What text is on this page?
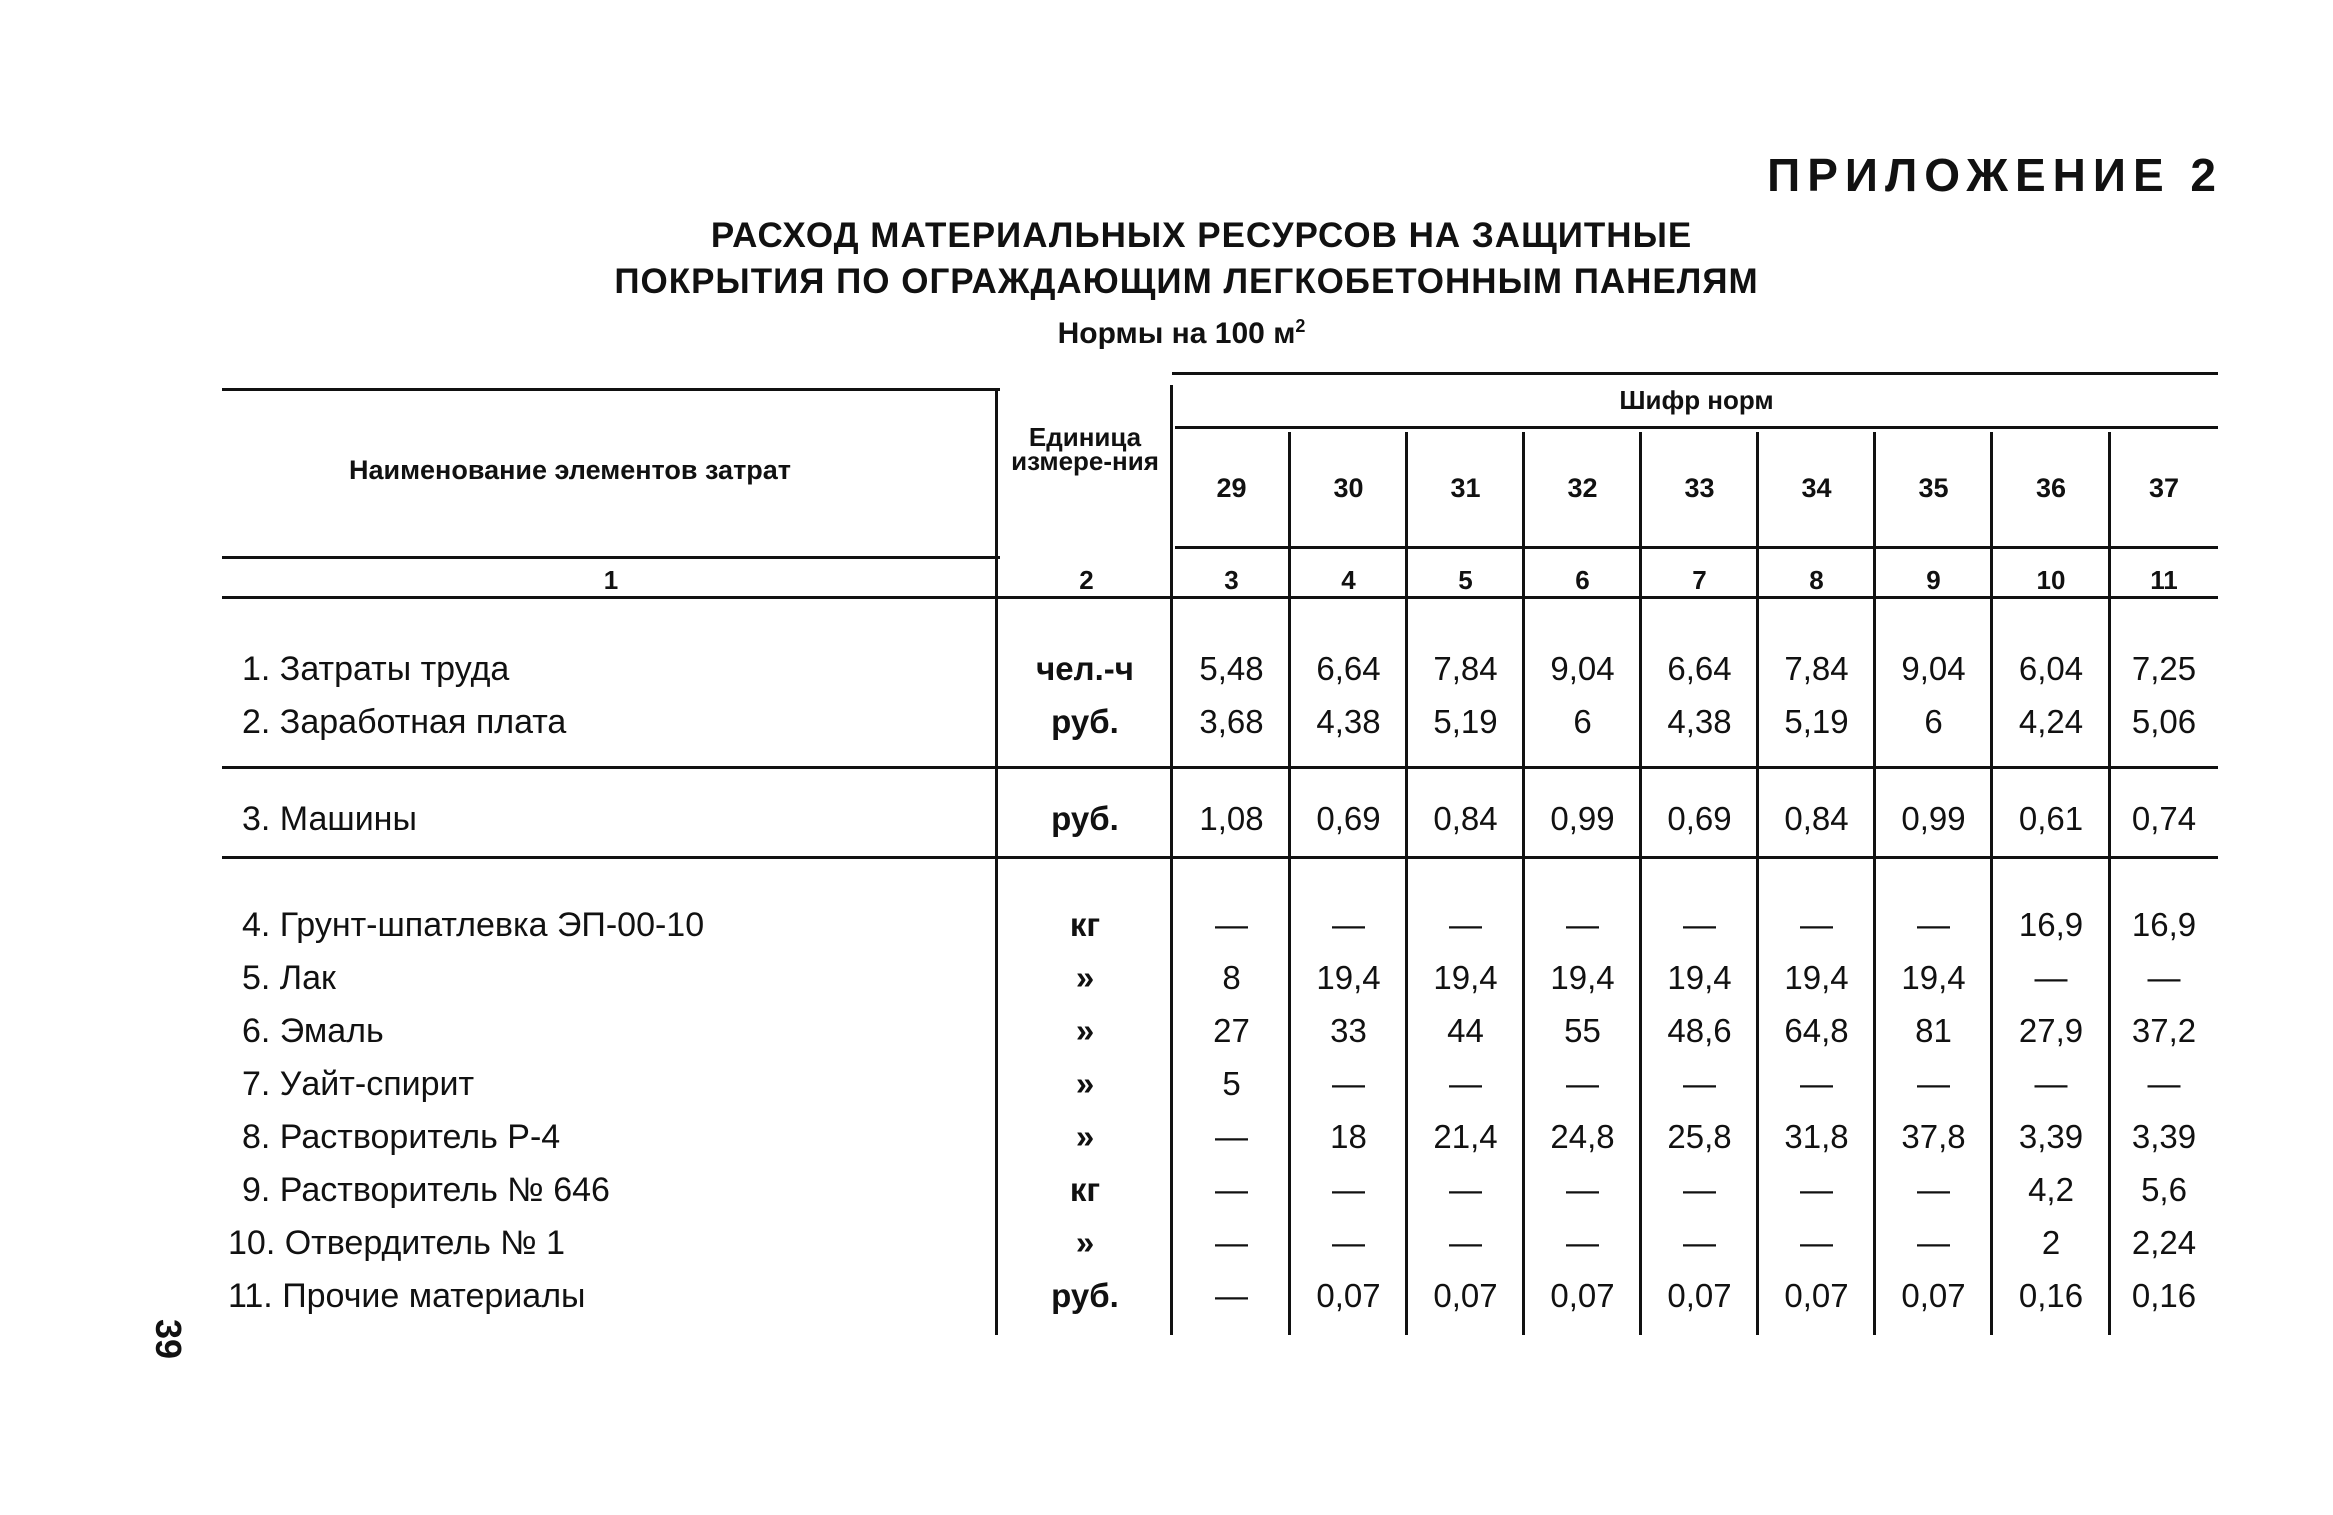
ПРИЛОЖЕНИЕ 2
РАСХОД МАТЕРИАЛЬНЫХ РЕСУРСОВ НА ЗАЩИТНЫЕ
ПОКРЫТИЯ ПО ОГРАЖДАЮЩИМ ЛЕГКОБЕТОННЫМ ПАНЕЛЯМ
Нормы на 100 $м^2$
Наименование элементов затрат
Единица измере-ния
Шифр норм
29	30	31	32	33	34	35	36	37
1	2	3	4	5	6	7	8	9	10	11
1. Затраты труда	чел.-ч	5,48	6,64	7,84	9,04	6,64	7,84	9,04	6,04	7,25
2. Заработная плата	руб.	3,68	4,38	5,19	6	4,38	5,19	6	4,24	5,06
3. Машины	руб.	1,08	0,69	0,84	0,99	0,69	0,84	0,99	0,61	0,74
4. Грунт-шпатлевка ЭП-00-10	кг	—	—	—	—	—	—	—	16,9	16,9
5. Лак	»	8	19,4	19,4	19,4	19,4	19,4	19,4	—	—
6. Эмаль	»	27	33	44	55	48,6	64,8	81	27,9	37,2
7. Уайт-спирит	»	5	—	—	—	—	—	—	—	—
8. Растворитель Р-4	»	—	18	21,4	24,8	25,8	31,8	37,8	3,39	3,39
9. Растворитель № 646	кг	—	—	—	—	—	—	—	4,2	5,6
10. Отвердитель № 1	»	—	—	—	—	—	—	—	2	2,24
11. Прочие материалы	руб.	—	0,07	0,07	0,07	0,07	0,07	0,07	0,16	0,16
39
